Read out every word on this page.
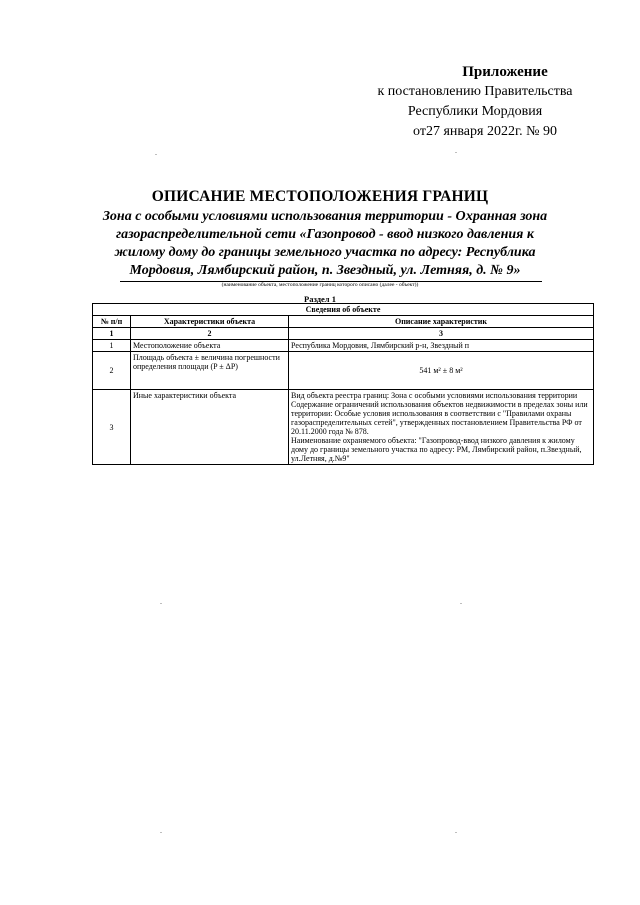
Приложение
к постановлению Правительства
Республики Мордовия
от27 января 2022г. № 90
ОПИСАНИЕ МЕСТОПОЛОЖЕНИЯ ГРАНИЦ
Зона с особыми условиями использования территории - Охранная зона газораспределительной сети «Газопровод - ввод низкого давления к жилому дому до границы земельного участка по адресу: Республика Мордовия, Лямбирский район, п. Звездный, ул. Летняя, д. № 9»
(наименование объекта, местоположение границ которого описано (далее - объект))
Раздел 1
Сведения об объекте		
№ п/п	Характеристики объекта	Описание характеристик
1	2	3
1	Местоположение объекта	Республика Мордовия, Лямбирский р-н, Звездный п
2	Площадь объекта ± величина погрешности определения площади (P ± ΔP)	541 м² ± 8 м²
3	Иные характеристики объекта	Вид объекта реестра границ: Зона с особыми условиями использования территории
Содержание ограничений использования объектов недвижимости в пределах зоны или территории: Особые условия использования в соответствии с "Правилами охраны газораспределительных сетей", утвержденных постановлением Правительства РФ от 20.11.2000 года № 878.
Наименование охраняемого объекта: "Газопровод-ввод низкого давления к жилому дому до границы земельного участка по адресу: РМ, Лямбирский район, п.Звездный, ул.Летняя, д.№9"
.	.
.	.
.	.
